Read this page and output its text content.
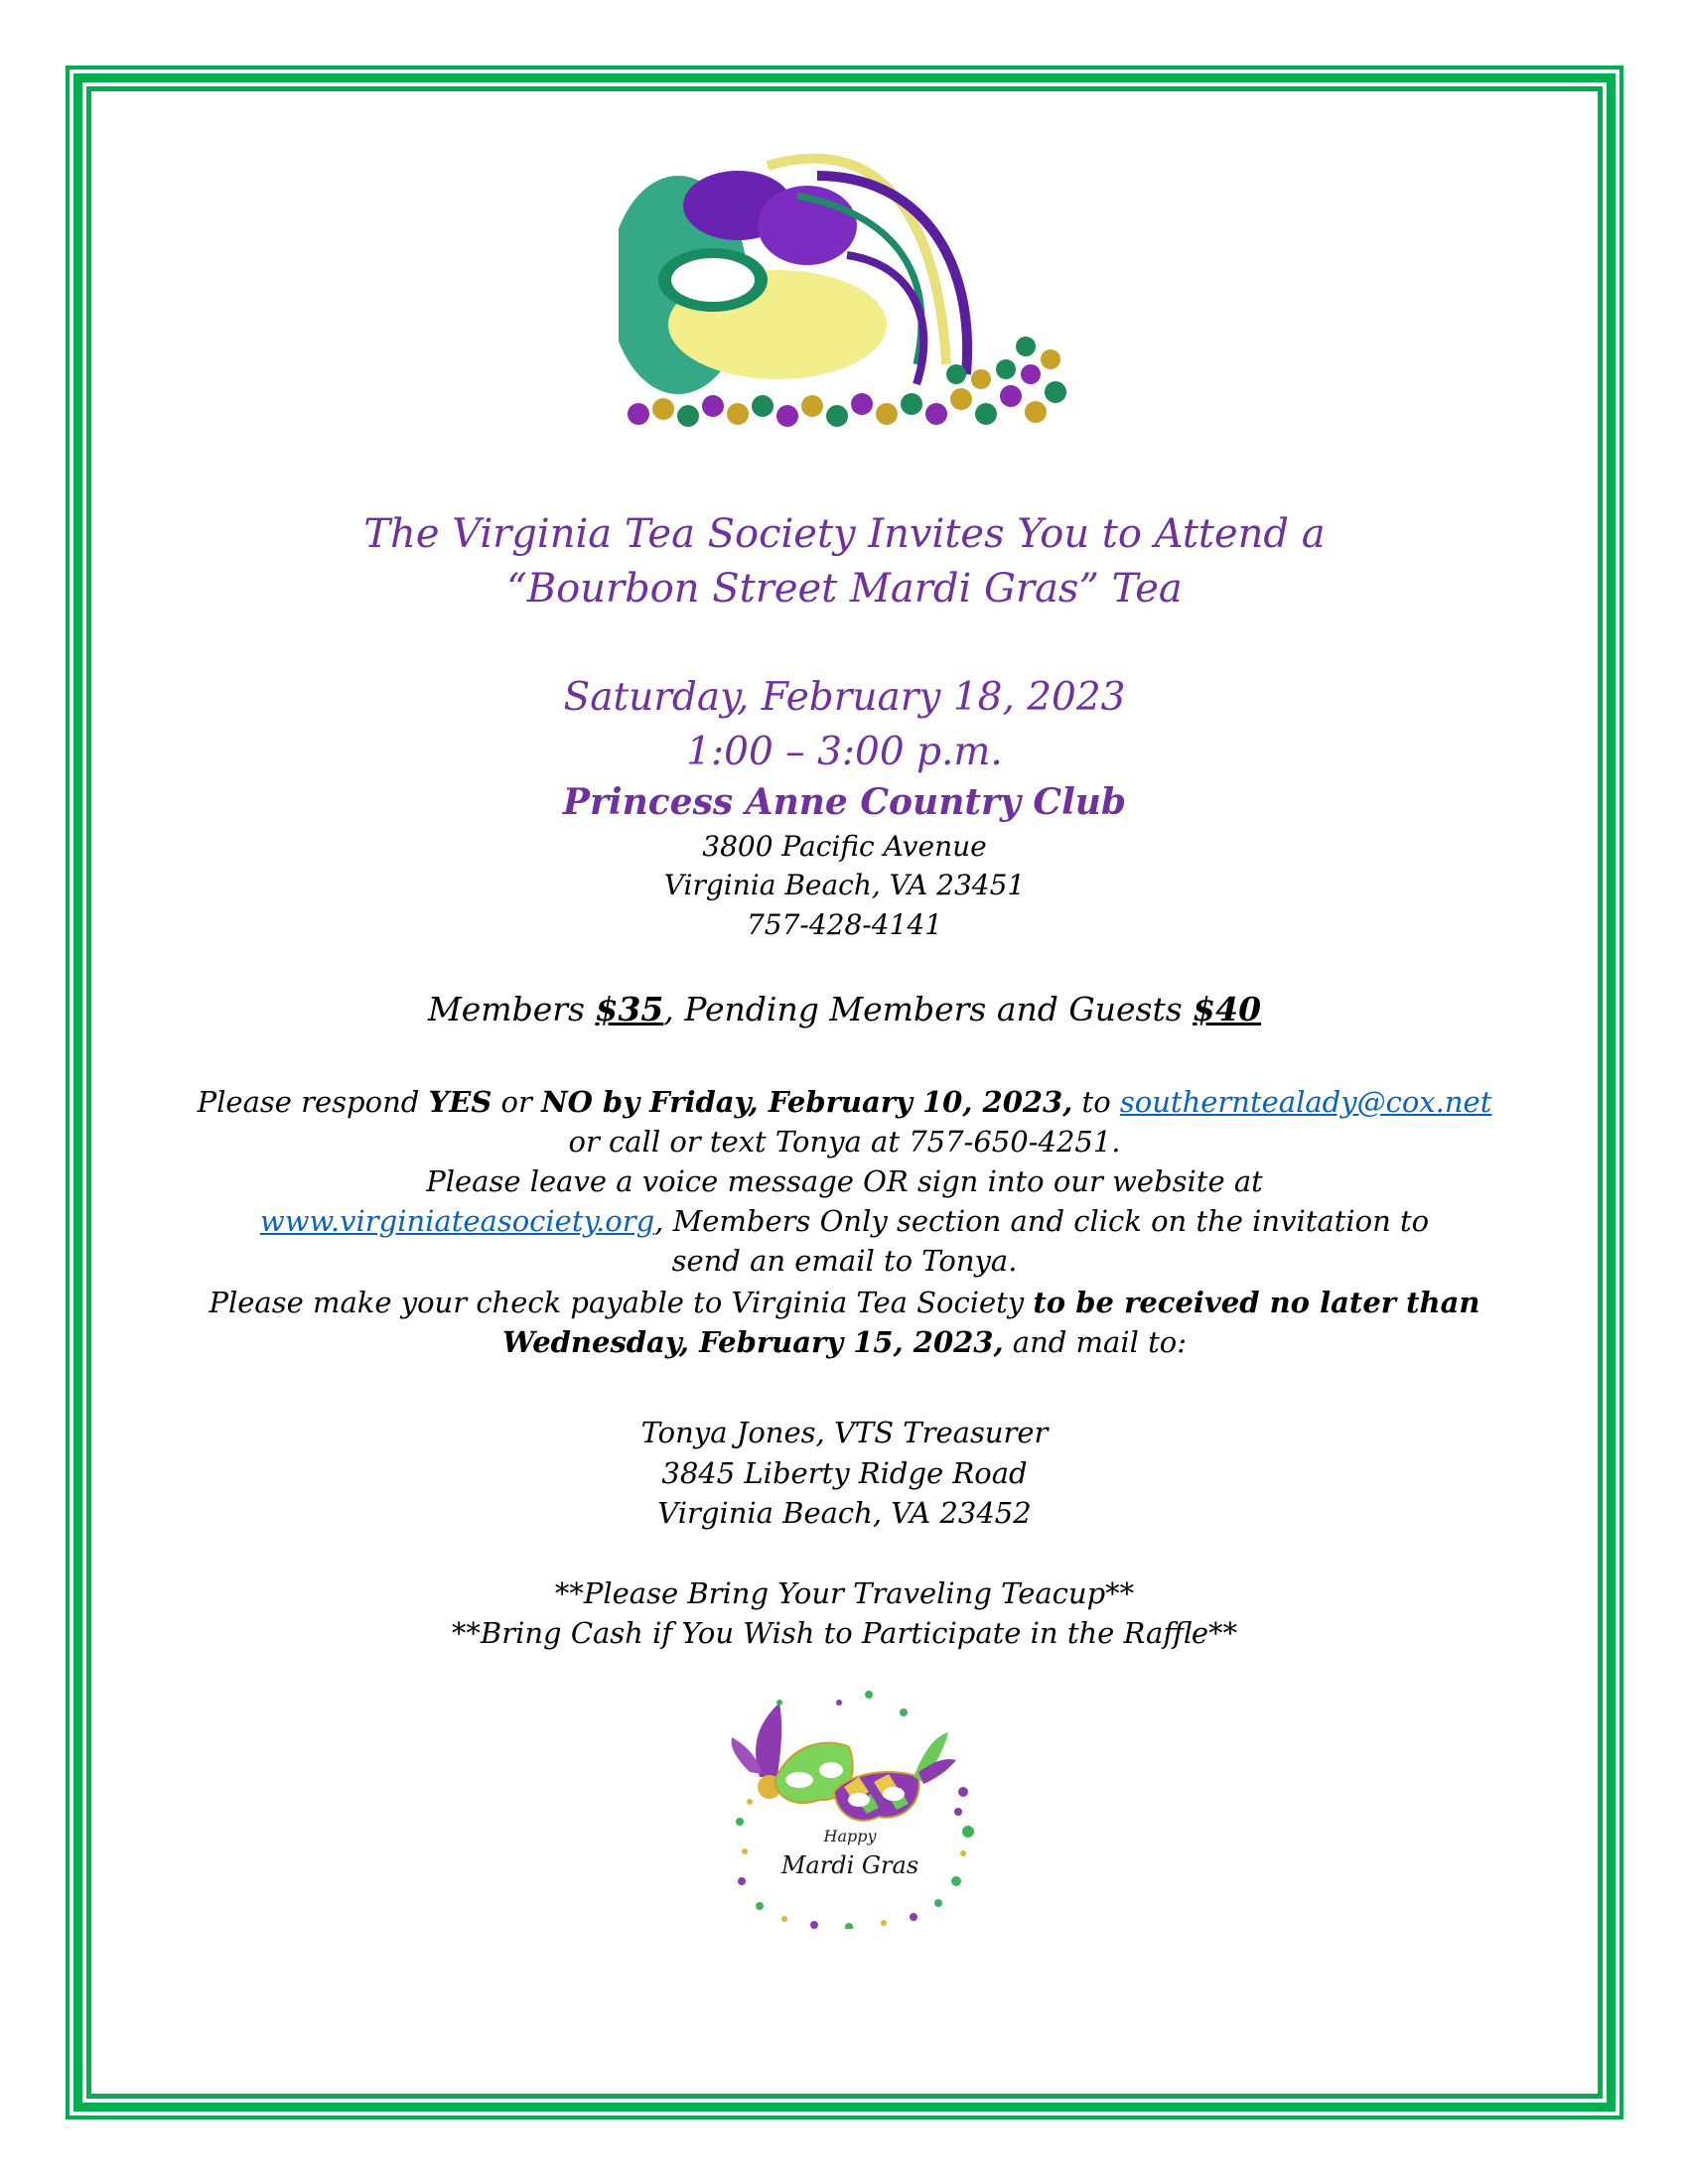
The Virginia Tea Society Invites You to Attend a
“Bourbon Street Mardi Gras” Tea
Saturday, February 18, 2023
1:00 – 3:00 p.m.
Princess Anne Country Club
3800 Pacific Avenue
Virginia Beach, VA 23451
757-428-4141
Members $35, Pending Members and Guests $40
Please respond YES or NO by Friday, February 10, 2023, to southerntealady@cox.net
or call or text Tonya at 757-650-4251.
Please leave a voice message OR sign into our website at
www.virginiateasociety.org, Members Only section and click on the invitation to
send an email to Tonya.
Please make your check payable to Virginia Tea Society to be received no later than
Wednesday, February 15, 2023, and mail to:
Tonya Jones, VTS Treasurer
3845 Liberty Ridge Road
Virginia Beach, VA 23452
**Please Bring Your Traveling Teacup**
**Bring Cash if You Wish to Participate in the Raffle**
Happy
Mardi Gras
